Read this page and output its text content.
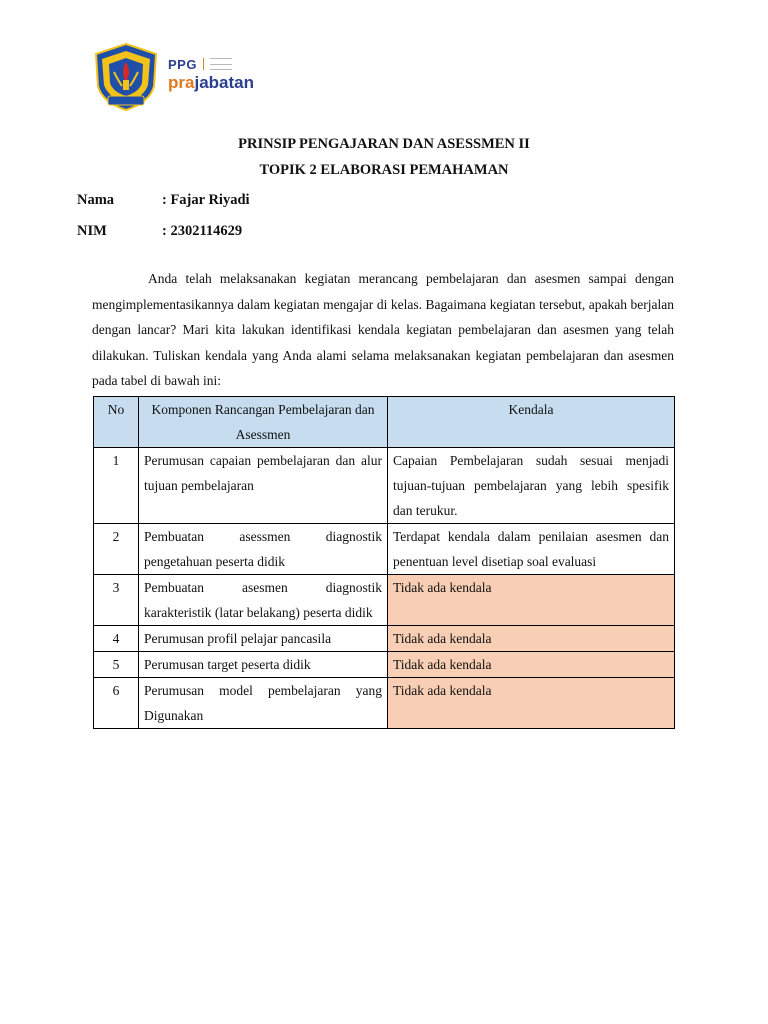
PPG
prajabatan
PRINSIP PENGAJARAN DAN ASESSMEN II
TOPIK 2 ELABORASI PEMAHAMAN
Nama	: Fajar Riyadi
NIM	: 2302114629

Anda telah melaksanakan kegiatan merancang pembelajaran dan asesmen sampai dengan mengimplementasikannya dalam kegiatan mengajar di kelas. Bagaimana kegiatan tersebut, apakah berjalan dengan lancar? Mari kita lakukan identifikasi kendala kegiatan pembelajaran dan asesmen yang telah dilakukan. Tuliskan kendala yang Anda alami selama melaksanakan kegiatan pembelajaran dan asesmen pada tabel di bawah ini:

No	Komponen Rancangan Pembelajaran dan Asessmen	Kendala
1	Perumusan capaian pembelajaran dan alur tujuan pembelajaran	Capaian Pembelajaran sudah sesuai menjadi tujuan-tujuan pembelajaran yang lebih spesifik dan terukur.
2	Pembuatan asessmen diagnostik pengetahuan peserta didik	Terdapat kendala dalam penilaian asesmen dan penentuan level disetiap soal evaluasi
3	Pembuatan asesmen diagnostik karakteristik (latar belakang) peserta didik	Tidak ada kendala
4	Perumusan profil pelajar pancasila	Tidak ada kendala
5	Perumusan target peserta didik	Tidak ada kendala
6	Perumusan model pembelajaran yang Digunakan	Tidak ada kendala
